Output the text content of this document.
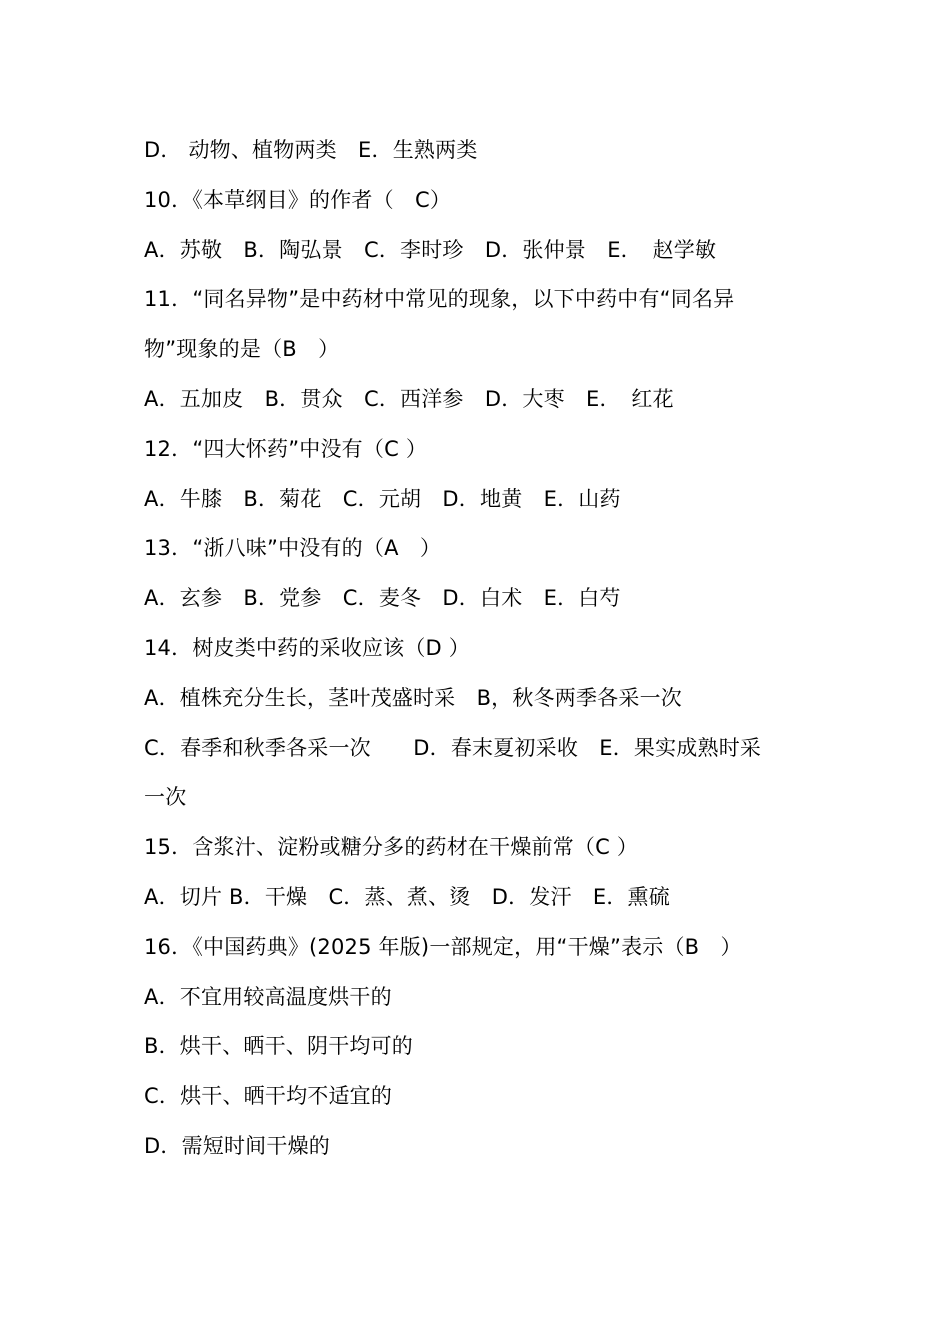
D． 动物、植物两类　E．生熟两类
10．《本草纲目》的作者（　C）
A．苏敬　B．陶弘景　C．李时珍　D．张仲景　E．　赵学敏
11．“同名异物”是中药材中常见的现象，以下中药中有“同名异
物”现象的是（B　）
A．五加皮　B．贯众　C．西洋参　D．大枣　E．　红花
12．“四大怀药”中没有（C ）
A．牛膝　B．菊花　C．元胡　D．地黄　E．山药
13．“浙八味”中没有的（A　）
A．玄参　B．党参　C．麦冬　D．白术　E．白芍
14．树皮类中药的采收应该（D ）
A．植株充分生长，茎叶茂盛时采　B，秋冬两季各采一次
C．春季和秋季各采一次　　D．春末夏初采收　E．果实成熟时采
一次
15．含浆汁、淀粉或糖分多的药材在干燥前常（C ）
A．切片 B．干燥　C．蒸、煮、烫　D．发汗　E．熏硫
16．《中国药典》(2025 年版)一部规定，用“干燥”表示（B　）
A．不宜用较高温度烘干的
B．烘干、晒干、阴干均可的
C．烘干、晒干均不适宜的
D．需短时间干燥的
